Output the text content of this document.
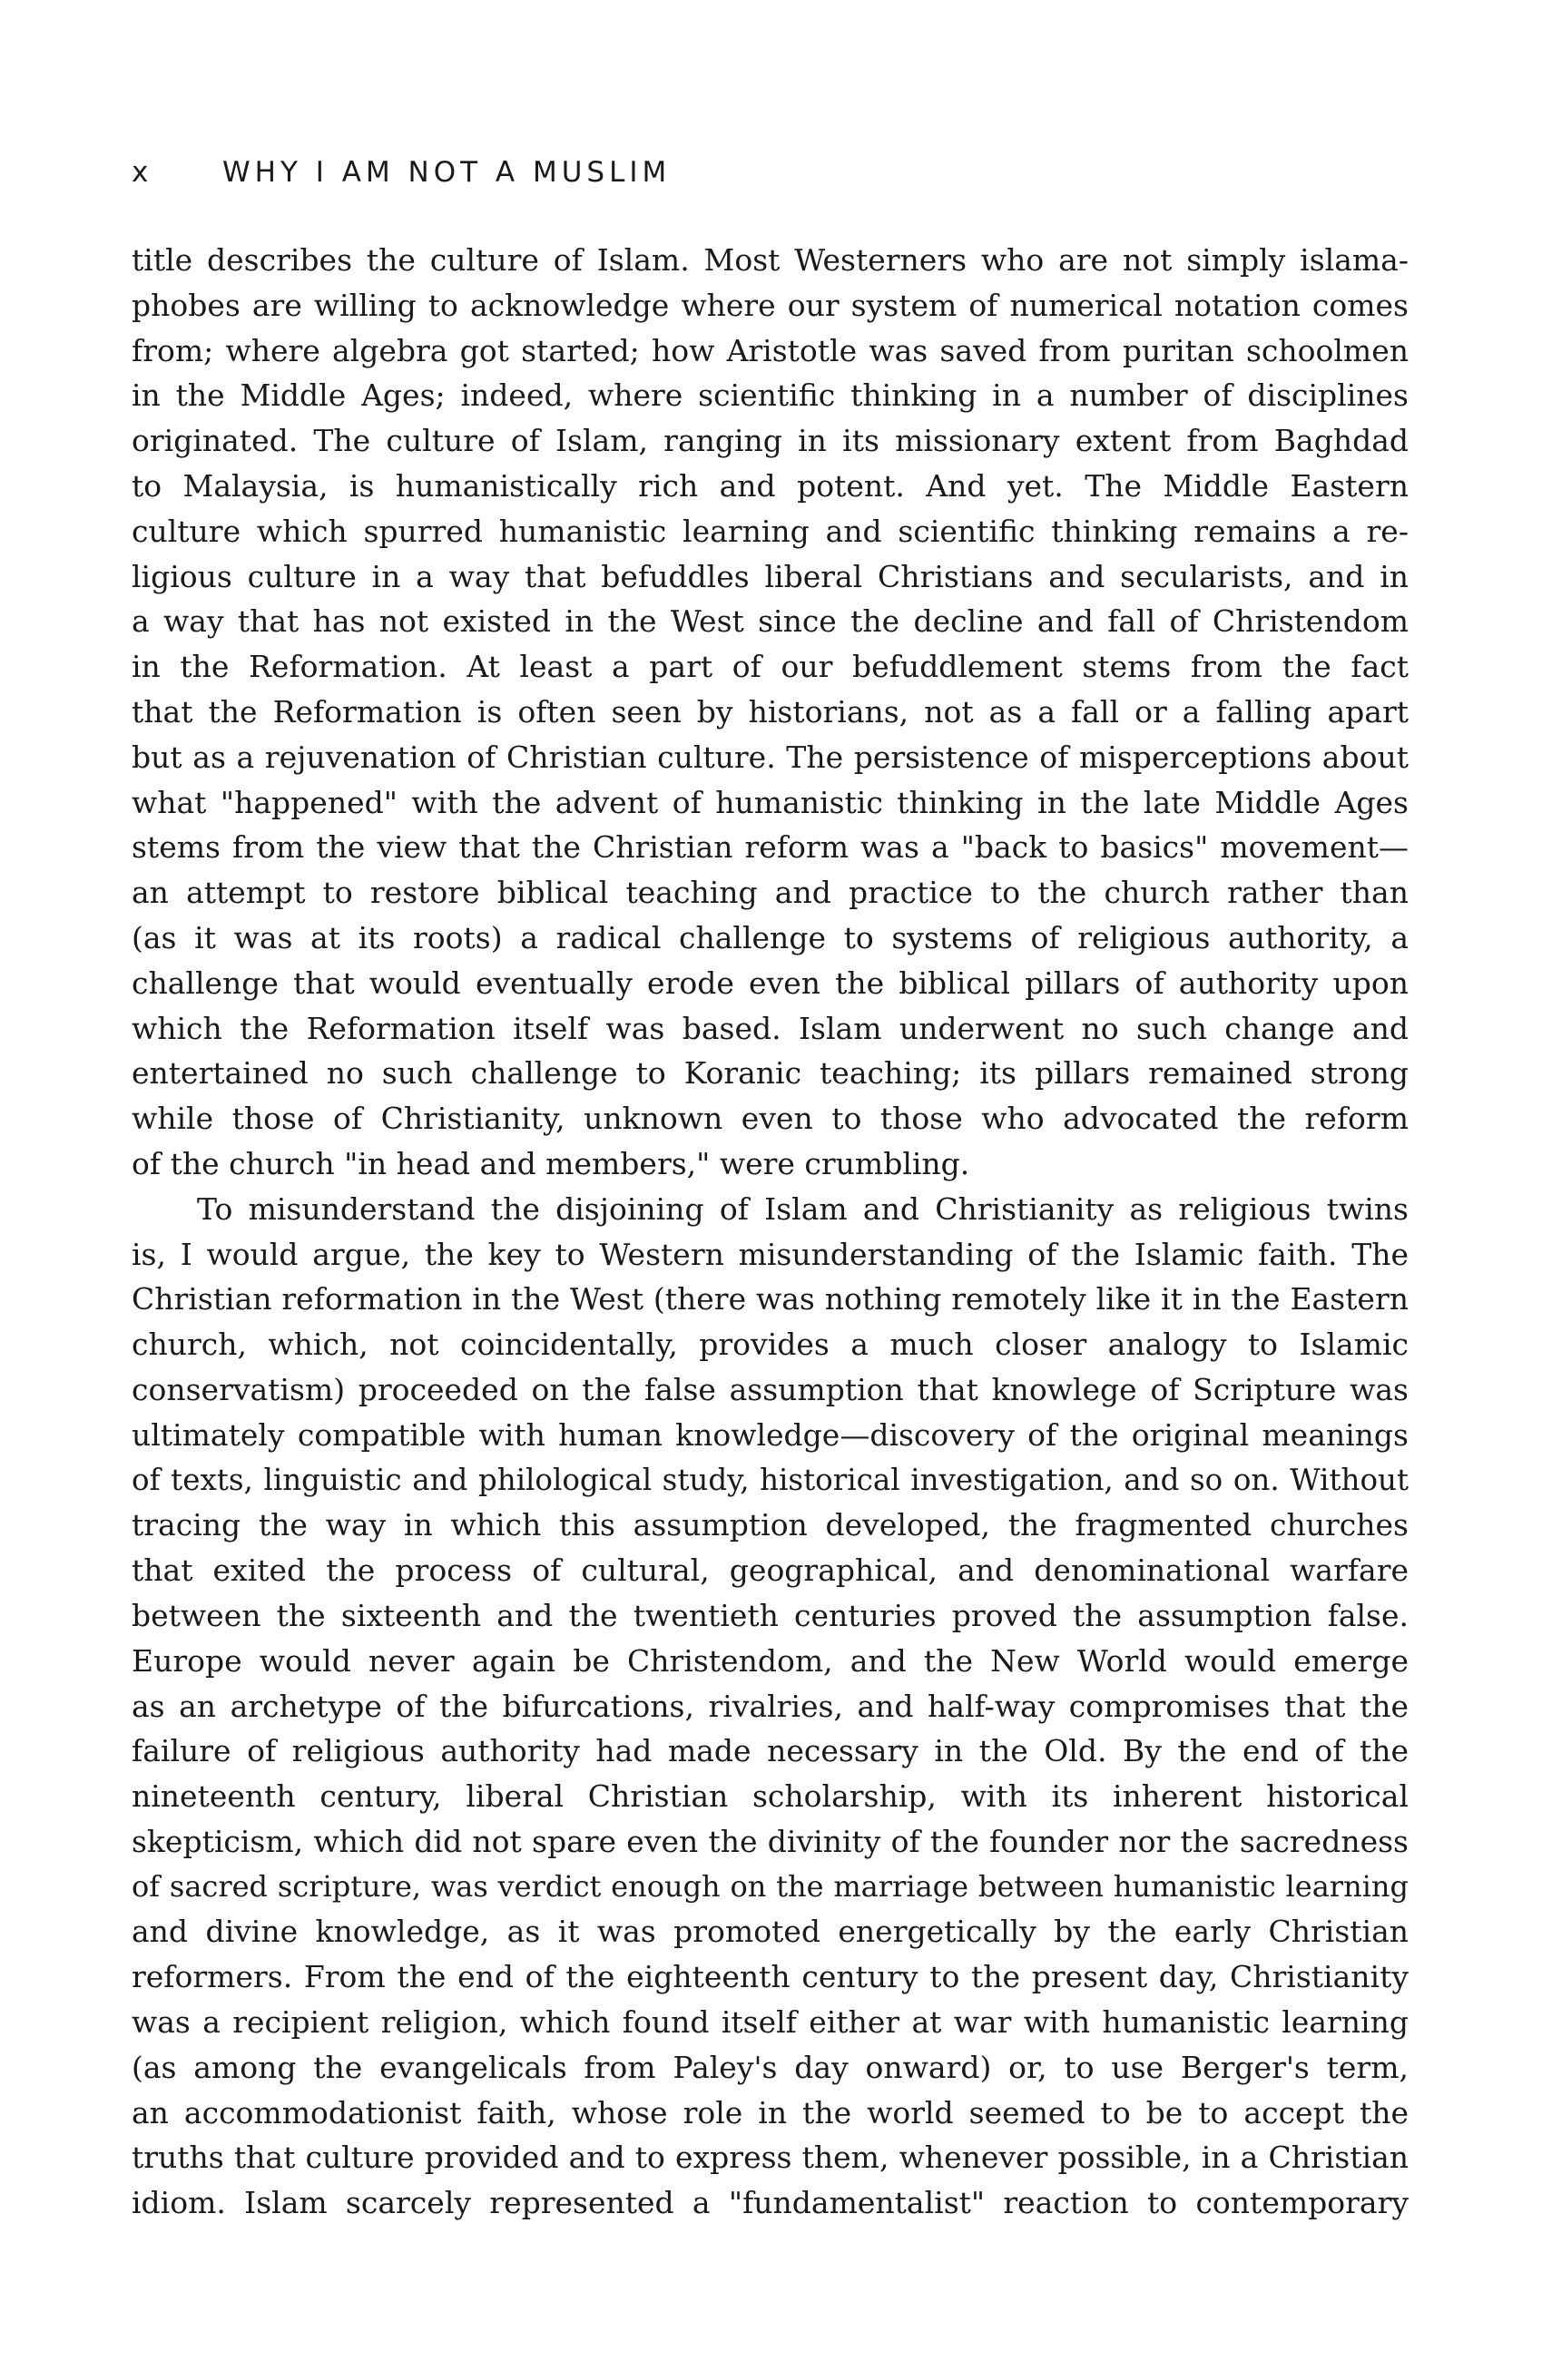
x	WHY I AM NOT A MUSLIM
title describes the culture of Islam. Most Westerners who are not simply islama-
phobes are willing to acknowledge where our system of numerical notation comes
from; where algebra got started; how Aristotle was saved from puritan schoolmen
in the Middle Ages; indeed, where scientific thinking in a number of disciplines
originated. The culture of Islam, ranging in its missionary extent from Baghdad
to Malaysia, is humanistically rich and potent. And yet. The Middle Eastern
culture which spurred humanistic learning and scientific thinking remains a re-
ligious culture in a way that befuddles liberal Christians and secularists, and in
a way that has not existed in the West since the decline and fall of Christendom
in the Reformation. At least a part of our befuddlement stems from the fact
that the Reformation is often seen by historians, not as a fall or a falling apart
but as a rejuvenation of Christian culture. The persistence of misperceptions about
what "happened" with the advent of humanistic thinking in the late Middle Ages
stems from the view that the Christian reform was a "back to basics" movement—
an attempt to restore biblical teaching and practice to the church rather than
(as it was at its roots) a radical challenge to systems of religious authority, a
challenge that would eventually erode even the biblical pillars of authority upon
which the Reformation itself was based. Islam underwent no such change and
entertained no such challenge to Koranic teaching; its pillars remained strong
while those of Christianity, unknown even to those who advocated the reform
of the church "in head and members," were crumbling.
To misunderstand the disjoining of Islam and Christianity as religious twins
is, I would argue, the key to Western misunderstanding of the Islamic faith. The
Christian reformation in the West (there was nothing remotely like it in the Eastern
church, which, not coincidentally, provides a much closer analogy to Islamic
conservatism) proceeded on the false assumption that knowlege of Scripture was
ultimately compatible with human knowledge—discovery of the original meanings
of texts, linguistic and philological study, historical investigation, and so on. Without
tracing the way in which this assumption developed, the fragmented churches
that exited the process of cultural, geographical, and denominational warfare
between the sixteenth and the twentieth centuries proved the assumption false.
Europe would never again be Christendom, and the New World would emerge
as an archetype of the bifurcations, rivalries, and half-way compromises that the
failure of religious authority had made necessary in the Old. By the end of the
nineteenth century, liberal Christian scholarship, with its inherent historical
skepticism, which did not spare even the divinity of the founder nor the sacredness
of sacred scripture, was verdict enough on the marriage between humanistic learning
and divine knowledge, as it was promoted energetically by the early Christian
reformers. From the end of the eighteenth century to the present day, Christianity
was a recipient religion, which found itself either at war with humanistic learning
(as among the evangelicals from Paley's day onward) or, to use Berger's term,
an accommodationist faith, whose role in the world seemed to be to accept the
truths that culture provided and to express them, whenever possible, in a Christian
idiom. Islam scarcely represented a "fundamentalist" reaction to contemporary
